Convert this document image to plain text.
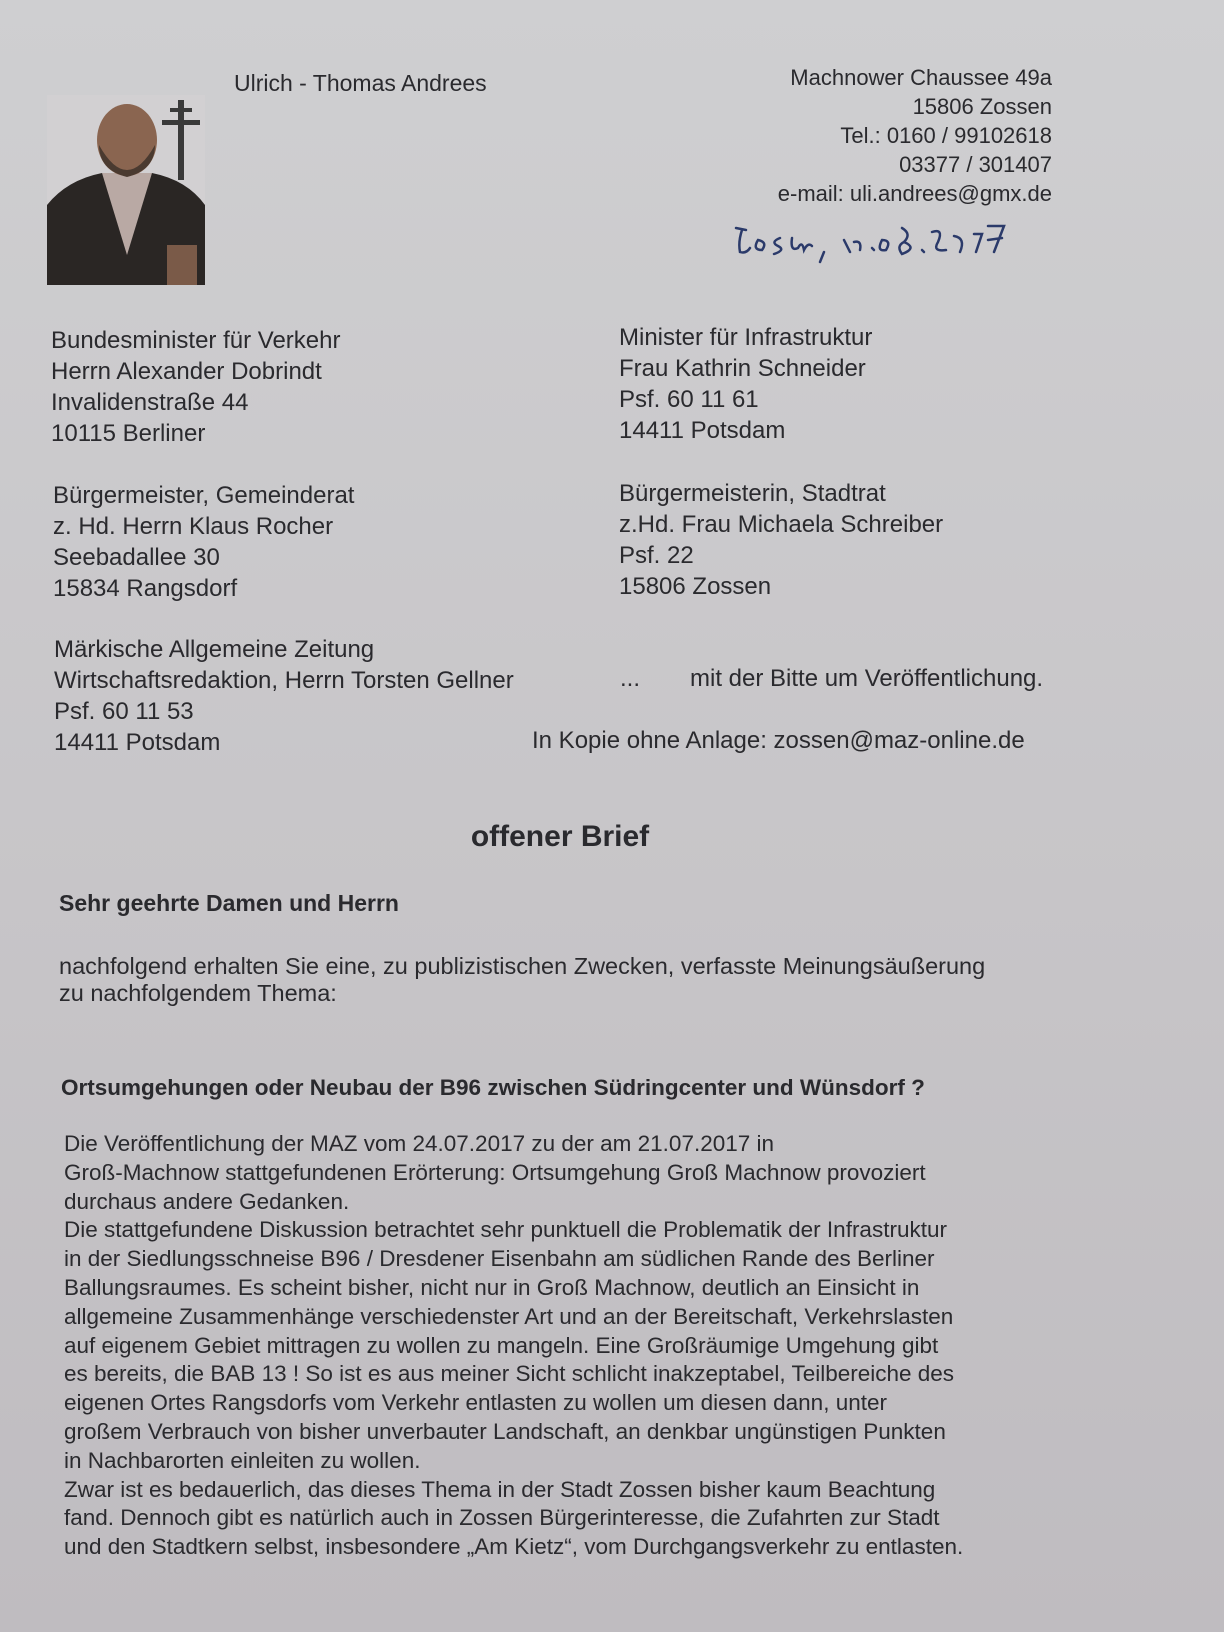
Ulrich - Thomas Andrees	Machnower Chaussee 49a
15806 Zossen
Tel.: 0160 / 99102618
03377 / 301407
e-mail: uli.andrees@gmx.de
Bundesminister für Verkehr
Herrn Alexander Dobrindt
Invalidenstraße 44
10115 Berliner
Minister für Infrastruktur
Frau Kathrin Schneider
Psf. 60 11 61
14411 Potsdam
Bürgermeister, Gemeinderat
z. Hd. Herrn Klaus Rocher
Seebadallee 30
15834 Rangsdorf
Bürgermeisterin, Stadtrat
z.Hd. Frau Michaela Schreiber
Psf. 22
15806 Zossen
Märkische Allgemeine Zeitung
Wirtschaftsredaktion, Herrn Torsten Gellner
Psf. 60 11 53
14411 Potsdam
... mit der Bitte um Veröffentlichung.
In Kopie ohne Anlage: zossen@maz-online.de
offener Brief
Sehr geehrte Damen und Herrn
nachfolgend erhalten Sie eine, zu publizistischen Zwecken, verfasste Meinungsäußerung
zu nachfolgendem Thema:
Ortsumgehungen oder Neubau der B96 zwischen Südringcenter und Wünsdorf ?
Die Veröffentlichung der MAZ vom 24.07.2017 zu der am 21.07.2017 in
Groß-Machnow stattgefundenen Erörterung: Ortsumgehung Groß Machnow provoziert
durchaus andere Gedanken.
Die stattgefundene Diskussion betrachtet sehr punktuell die Problematik der Infrastruktur
in der Siedlungsschneise B96 / Dresdener Eisenbahn am südlichen Rande des Berliner
Ballungsraumes. Es scheint bisher, nicht nur in Groß Machnow, deutlich an Einsicht in
allgemeine Zusammenhänge verschiedenster Art und an der Bereitschaft, Verkehrslasten
auf eigenem Gebiet mittragen zu wollen zu mangeln. Eine Großräumige Umgehung gibt
es bereits, die BAB 13 ! So ist es aus meiner Sicht schlicht inakzeptabel, Teilbereiche des
eigenen Ortes Rangsdorfs vom Verkehr entlasten zu wollen um diesen dann, unter
großem Verbrauch von bisher unverbauter Landschaft, an denkbar ungünstigen Punkten
in Nachbarorten einleiten zu wollen.
Zwar ist es bedauerlich, das dieses Thema in der Stadt Zossen bisher kaum Beachtung
fand. Dennoch gibt es natürlich auch in Zossen Bürgerinteresse, die Zufahrten zur Stadt
und den Stadtkern selbst, insbesondere „Am Kietz“, vom Durchgangsverkehr zu entlasten.
